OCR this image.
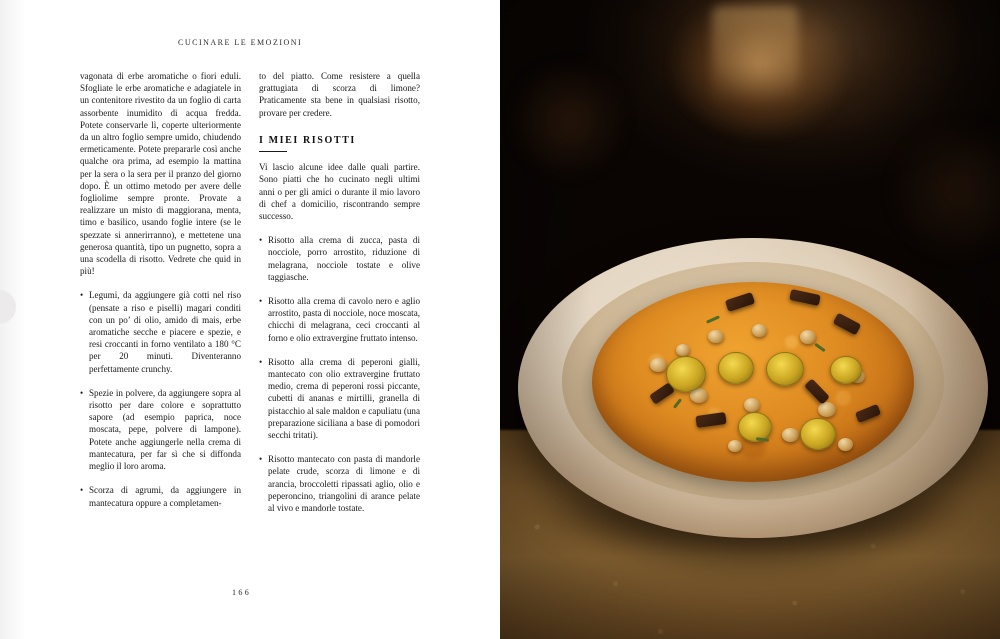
CUCINARE LE EMOZIONI

vagonata di erbe aromatiche o fiori eduli. Sfogliate le erbe aromatiche e adagiatele in un contenitore rivestito da un foglio di carta assorbente inumidito di acqua fredda. Potete conservarle lì, coperte ulteriormente da un altro foglio sempre umido, chiudendo ermeticamente. Potete prepararle così anche qualche ora prima, ad esempio la mattina per la sera o la sera per il pranzo del giorno dopo. È un ottimo metodo per avere delle fogliolime sempre pronte. Provate a realizzare un misto di maggiorana, menta, timo e basilico, usando foglie intere (se le spezzate si annerirranno), e mettetene una generosa quantità, tipo un pugnetto, sopra a una scodella di risotto. Vedrete che quid in più!

• Legumi, da aggiungere già cotti nel riso (pensate a riso e piselli) magari conditi con un po’ di olio, amido di mais, erbe aromatiche secche e piacere e spezie, e resi croccanti in forno ventilato a 180 °C per 20 minuti. Diventeranno perfettamente crunchy.
• Spezie in polvere, da aggiungere sopra al risotto per dare colore e soprattutto sapore (ad esempio paprica, noce moscata, pepe, polvere di lampone). Potete anche aggiungerle nella crema di mantecatura, per far sì che si diffonda meglio il loro aroma.
• Scorza di agrumi, da aggiungere in mantecatura oppure a completamen-

to del piatto. Come resistere a quella grattugiata di scorza di limone? Praticamente sta bene in qualsiasi risotto, provare per credere.

I MIEI RISOTTI

Vi lascio alcune idee dalle quali partire. Sono piatti che ho cucinato negli ultimi anni o per gli amici o durante il mio lavoro di chef a domicilio, riscontrando sempre successo.

• Risotto alla crema di zucca, pasta di nocciole, porro arrostito, riduzione di melagrana, nocciole tostate e olive taggiasche.
• Risotto alla crema di cavolo nero e aglio arrostito, pasta di nocciole, noce moscata, chicchi di melagrana, ceci croccanti al forno e olio extravergine fruttato intenso.
• Risotto alla crema di peperoni gialli, mantecato con olio extravergine fruttato medio, crema di peperoni rossi piccante, cubetti di ananas e mirtilli, granella di pistacchio al sale maldon e capuliatu (una preparazione siciliana a base di pomodori secchi tritati).
• Risotto mantecato con pasta di mandorle pelate crude, scorza di limone e di arancia, broccoletti ripassati aglio, olio e peperoncino, triangolini di arance pelate al vivo e mandorle tostate.
166
